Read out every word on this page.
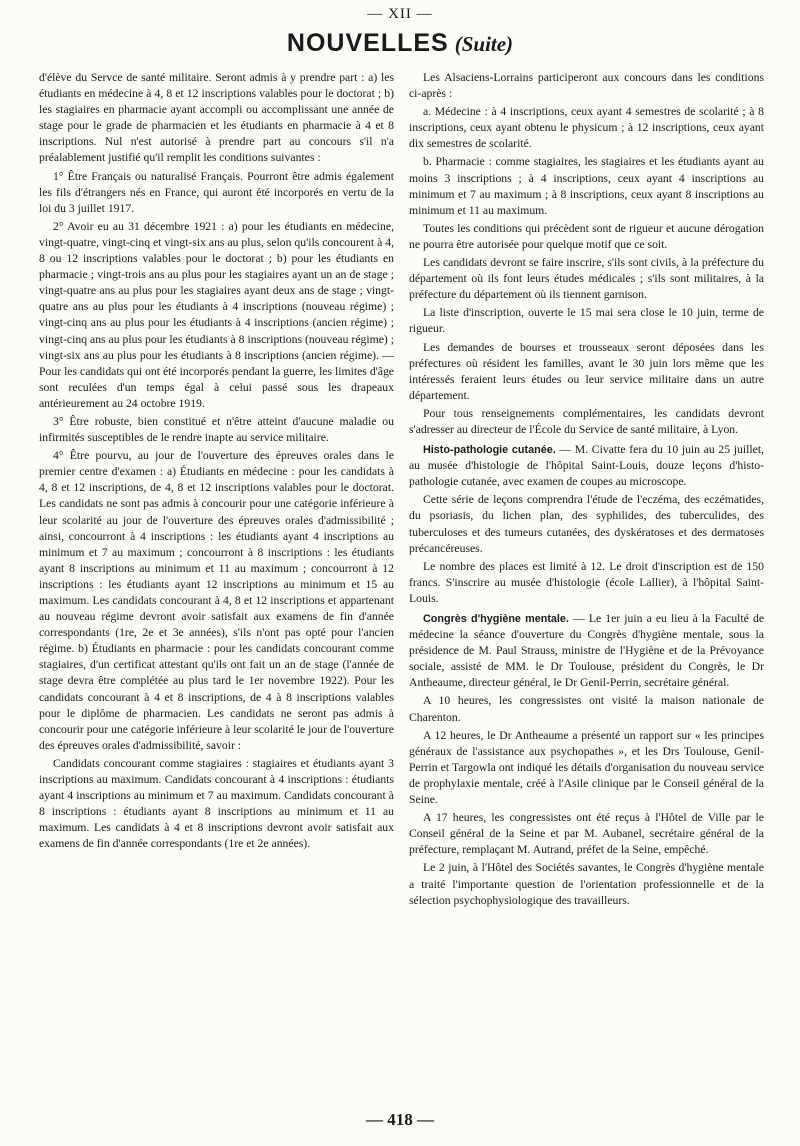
— XII —
NOUVELLES (Suite)

d'élève du Servce de santé militaire. Seront admis à y prendre part : a) les étudiants en médecine à 4, 8 et 12 inscriptions valables pour le doctorat ; b) les stagiaires en pharmacie ayant accompli ou accomplissant une année de stage pour le grade de pharmacien et les étudiants en pharmacie à 4 et 8 inscriptions. Nul n'est autorisé à prendre part au concours s'il n'a préalablement justifié qu'il remplit les conditions suivantes :

1° Être Français ou naturalisé Français. Pourront être admis également les fils d'étrangers nés en France, qui auront été incorporés en vertu de la loi du 3 juillet 1917.

2° Avoir eu au 31 décembre 1921 : a) pour les étudiants en médecine, vingt-quatre, vingt-cinq et vingt-six ans au plus, selon qu'ils concourent à 4, 8 ou 12 inscriptions valables pour le doctorat ; b) pour les étudiants en pharmacie ; vingt-trois ans au plus pour les stagiaires ayant un an de stage ; vingt-quatre ans au plus pour les stagiaires ayant deux ans de stage ; vingt-quatre ans au plus pour les étudiants à 4 inscriptions (nouveau régime) ; vingt-cinq ans au plus pour les étudiants à 4 inscriptions (ancien régime) ; vingt-cinq ans au plus pour les étudiants à 8 inscriptions (nouveau régime) ; vingt-six ans au plus pour les étudiants à 8 inscriptions (ancien régime). — Pour les candidats qui ont été incorporés pendant la guerre, les limites d'âge sont reculées d'un temps égal à celui passé sous les drapeaux antérieurement au 24 octobre 1919.

3° Être robuste, bien constitué et n'être atteint d'aucune maladie ou infirmités susceptibles de le rendre inapte au service militaire.

4° Être pourvu, au jour de l'ouverture des épreuves orales dans le premier centre d'examen : a) Étudiants en médecine : pour les candidats à 4, 8 et 12 inscriptions, de 4, 8 et 12 inscriptions valables pour le doctorat. Les candidats ne sont pas admis à concourir pour une catégorie inférieure à leur scolarité au jour de l'ouverture des épreuves orales d'admissibilité ; ainsi, concourront à 4 inscriptions : les étudiants ayant 4 inscriptions au minimum et 7 au maximum ; concourront à 8 inscriptions : les étudiants ayant 8 inscriptions au minimum et 11 au maximum ; concourront à 12 inscriptions : les étudiants ayant 12 inscriptions au minimum et 15 au maximum. Les candidats concourant à 4, 8 et 12 inscriptions et appartenant au nouveau régime devront avoir satisfait aux examens de fin d'année correspondants (1re, 2e et 3e années), s'ils n'ont pas opté pour l'ancien régime. b) Étudiants en pharmacie : pour les candidats concourant comme stagiaires, d'un certificat attestant qu'ils ont fait un an de stage (l'année de stage devra être complétée au plus tard le 1er novembre 1922). Pour les candidats concourant à 4 et 8 inscriptions, de 4 à 8 inscriptions valables pour le diplôme de pharmacien. Les candidats ne seront pas admis à concourir pour une catégorie inférieure à leur scolarité le jour de l'ouverture des épreuves orales d'admissibilité, savoir :

Candidats concourant comme stagiaires : stagiaires et étudiants ayant 3 inscriptions au maximum. Candidats concourant à 4 inscriptions : étudiants ayant 4 inscriptions au minimum et 7 au maximum. Candidats concourant à 8 inscriptions : étudiants ayant 8 inscriptions au minimum et 11 au maximum. Les candidats à 4 et 8 inscriptions devront avoir satisfait aux examens de fin d'année correspondants (1re et 2e années).

Les Alsaciens-Lorrains participeront aux concours dans les conditions ci-après :

a. Médecine : à 4 inscriptions, ceux ayant 4 semestres de scolarité ; à 8 inscriptions, ceux ayant obtenu le physicum ; à 12 inscriptions, ceux ayant dix semestres de scolarité.

b. Pharmacie : comme stagiaires, les stagiaires et les étudiants ayant au moins 3 inscriptions ; à 4 inscriptions, ceux ayant 4 inscriptions au minimum et 7 au maximum ; à 8 inscriptions, ceux ayant 8 inscriptions au minimum et 11 au maximum.

Toutes les conditions qui précèdent sont de rigueur et aucune dérogation ne pourra être autorisée pour quelque motif que ce soit.

Les candidats devront se faire inscrire, s'ils sont civils, à la préfecture du département où ils font leurs études médicales ; s'ils sont militaires, à la préfecture du département où ils tiennent garnison.

La liste d'inscription, ouverte le 15 mai sera close le 10 juin, terme de rigueur.

Les demandes de bourses et trousseaux seront déposées dans les préfectures où résident les familles, avant le 30 juin lors même que les intéressés feraient leurs études ou leur service militaire dans un autre département.

Pour tous renseignements complémentaires, les candidats devront s'adresser au directeur de l'École du Service de santé militaire, à Lyon.

Histo-pathologie cutanée. — M. Civatte fera du 10 juin au 25 juillet, au musée d'histologie de l'hôpital Saint-Louis, douze leçons d'histo-pathologie cutanée, avec examen de coupes au microscope.

Cette série de leçons comprendra l'étude de l'eczéma, des eczématides, du psoriasis, du lichen plan, des syphilides, des tuberculides, des tuberculoses et des tumeurs cutanées, des dyskératoses et des dermatoses précancéreuses.

Le nombre des places est limité à 12. Le droit d'inscription est de 150 francs. S'inscrire au musée d'histologie (école Lallier), à l'hôpital Saint-Louis.

Congrès d'hygiène mentale. — Le 1er juin a eu lieu à la Faculté de médecine la séance d'ouverture du Congrès d'hygiène mentale, sous la présidence de M. Paul Strauss, ministre de l'Hygiène et de la Prévoyance sociale, assisté de MM. le Dr Toulouse, président du Congrès, le Dr Antheaume, directeur général, le Dr Genil-Perrin, secrétaire général.

A 10 heures, les congressistes ont visité la maison nationale de Charenton.

A 12 heures, le Dr Antheaume a présenté un rapport sur « les principes généraux de l'assistance aux psychopathes », et les Drs Toulouse, Genil-Perrin et Targowla ont indiqué les détails d'organisation du nouveau service de prophylaxie mentale, créé à l'Asile clinique par le Conseil général de la Seine.

A 17 heures, les congressistes ont été reçus à l'Hôtel de Ville par le Conseil général de la Seine et par M. Aubanel, secrétaire général de la préfecture, remplaçant M. Autrand, préfet de la Seine, empêché.

Le 2 juin, à l'Hôtel des Sociétés savantes, le Congrès d'hygiène mentale a traité l'importante question de l'orientation professionnelle et de la sélection psychophysiologique des travailleurs.

— 418 —
